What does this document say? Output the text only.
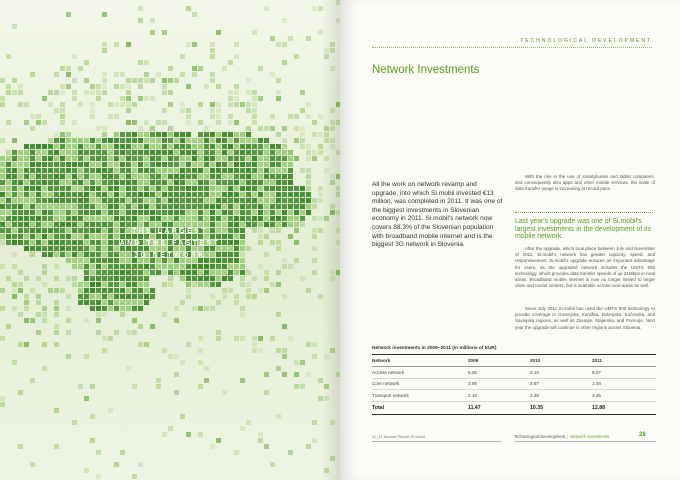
THE LARGEST
AND THE FASTEST
3G NETWORK
TECHNOLOGICAL DEVELOPMENT
Network Investments
All the work on network revamp and upgrade, into which Si.mobil invested €13 million, was completed in 2011. It was one of the biggest investments in Slovenian economy in 2011. Si.mobil's network now covers 88.3% of the Slovenian population with broadband mobile internet and is the biggest 3G network in Slovenia.
With the rise in the use of smartphones and tablet computers, and consequently also apps and other mobile services, the scale of data transfer usage is increasing at record pace.
Last year's upgrade was one of Si.mobil's largest investments in the development of its mobile network.
After the upgrade, which took place between July and November of 2011, Si.mobil's network has greater capacity, speed, and responsiveness. Si.mobil's upgrade ensures an important advantage for users, as the upgraded network includes the UMTS 900 technology, which provides data transfer speeds of up 21Mbps in rural areas. Broadband mobile internet is now no longer limited to larger cities and tourist centers, but is available across rural areas as well.
Since July 2011 Si.mobil has used the UMTS 900 technology to provide coverage in Gorenjska, Koroška, Dolenjska, Kočevska, and Savinjska regions, as well as Zasavje, Štajerska, and Pomurje. Next year the upgrade will continue in other regions across Slovenia.
Network investments in 2009–2011 (in millions of EUR)
Network	2009	2010	2011
Access network	6.26	5.10	8.27
Core network	3.06	2.87	1.16
Transport network	2.15	2.38	3.45
Total	11.47	10.35	12.88
10_11 Annual Report Si.mobil	Technological Development | Network investments	28
